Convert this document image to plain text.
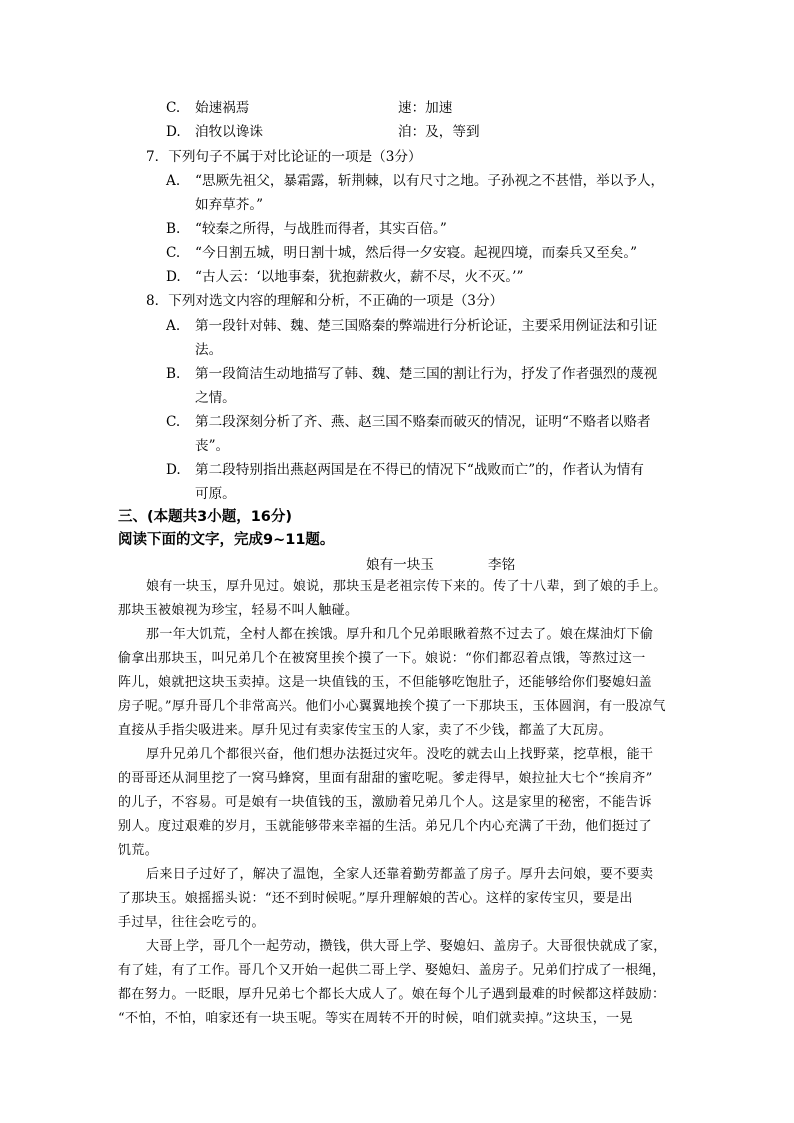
C. 始速祸焉	速：加速
D. 洎牧以谗诛	洎：及，等到
7．下列句子不属于对比论证的一项是（3分）
A. “思厥先祖父，暴霜露，斩荆棘，以有尺寸之地。子孙视之不甚惜，举以予人，
如弃草芥。”
B. “较秦之所得，与战胜而得者，其实百倍。”
C. “今日割五城，明日割十城，然后得一夕安寝。起视四境，而秦兵又至矣。”
D. “古人云：‘以地事秦，犹抱薪救火，薪不尽，火不灭。’”
8．下列对选文内容的理解和分析，不正确的一项是（3分）
A. 第一段针对韩、魏、楚三国赂秦的弊端进行分析论证，主要采用例证法和引证
法。
B. 第一段简洁生动地描写了韩、魏、楚三国的割让行为，抒发了作者强烈的蔑视
之情。
C. 第二段深刻分析了齐、燕、赵三国不赂秦而破灭的情况，证明“不赂者以赂者
丧”。
D. 第二段特别指出燕赵两国是在不得已的情况下“战败而亡”的，作者认为情有
可原。
三、(本题共3小题，16分)
阅读下面的文字，完成9~11题。
娘有一块玉	李铭
娘有一块玉，厚升见过。娘说，那块玉是老祖宗传下来的。传了十八辈，到了娘的手上。
那块玉被娘视为珍宝，轻易不叫人触碰。
那一年大饥荒，全村人都在挨饿。厚升和几个兄弟眼瞅着熬不过去了。娘在煤油灯下偷
偷拿出那块玉，叫兄弟几个在被窝里挨个摸了一下。娘说：“你们都忍着点饿，等熬过这一
阵儿，娘就把这块玉卖掉。这是一块值钱的玉，不但能够吃饱肚子，还能够给你们娶媳妇盖
房子呢。”厚升哥几个非常高兴。他们小心翼翼地挨个摸了一下那块玉，玉体圆润，有一股凉气
直接从手指尖吸进来。厚升见过有卖家传宝玉的人家，卖了不少钱，都盖了大瓦房。
厚升兄弟几个都很兴奋，他们想办法挺过灾年。没吃的就去山上找野菜，挖草根，能干
的哥哥还从洞里挖了一窝马蜂窝，里面有甜甜的蜜吃呢。爹走得早，娘拉扯大七个“挨肩齐”
的儿子，不容易。可是娘有一块值钱的玉，激励着兄弟几个人。这是家里的秘密，不能告诉
别人。度过艰难的岁月，玉就能够带来幸福的生活。弟兄几个内心充满了干劲，他们挺过了
饥荒。
后来日子过好了，解决了温饱，全家人还靠着勤劳都盖了房子。厚升去问娘，要不要卖
了那块玉。娘摇摇头说：“还不到时候呢。”厚升理解娘的苦心。这样的家传宝贝，要是出
手过早，往往会吃亏的。
大哥上学，哥几个一起劳动，攒钱，供大哥上学、娶媳妇、盖房子。大哥很快就成了家，
有了娃，有了工作。哥几个又开始一起供二哥上学、娶媳妇、盖房子。兄弟们拧成了一根绳，
都在努力。一眨眼，厚升兄弟七个都长大成人了。娘在每个儿子遇到最难的时候都这样鼓励：
“不怕，不怕，咱家还有一块玉呢。等实在周转不开的时候，咱们就卖掉。”这块玉，一晃
